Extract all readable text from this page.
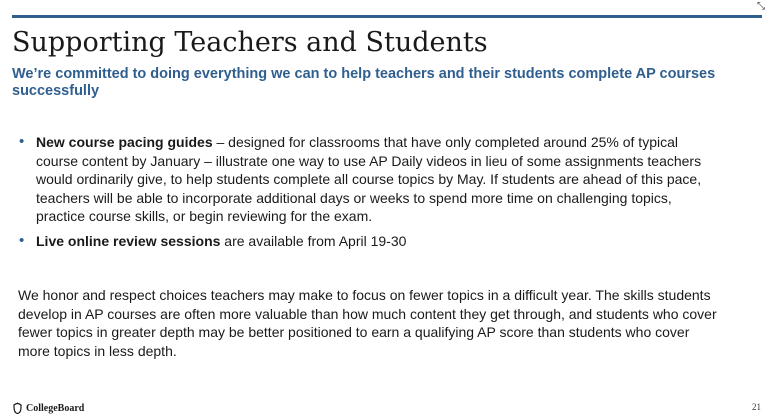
⤡
Supporting Teachers and Students

We’re committed to doing everything we can to help teachers and their students complete AP courses successfully

• New course pacing guides – designed for classrooms that have only completed around 25% of typical course content by January – illustrate one way to use AP Daily videos in lieu of some assignments teachers would ordinarily give, to help students complete all course topics by May. If students are ahead of this pace, teachers will be able to incorporate additional days or weeks to spend more time on challenging topics, practice course skills, or begin reviewing for the exam.
• Live online review sessions are available from April 19-30

We honor and respect choices teachers may make to focus on fewer topics in a difficult year. The skills students develop in AP courses are often more valuable than how much content they get through, and students who cover fewer topics in greater depth may be better positioned to earn a qualifying AP score than students who cover more topics in less depth.

CollegeBoard	21
